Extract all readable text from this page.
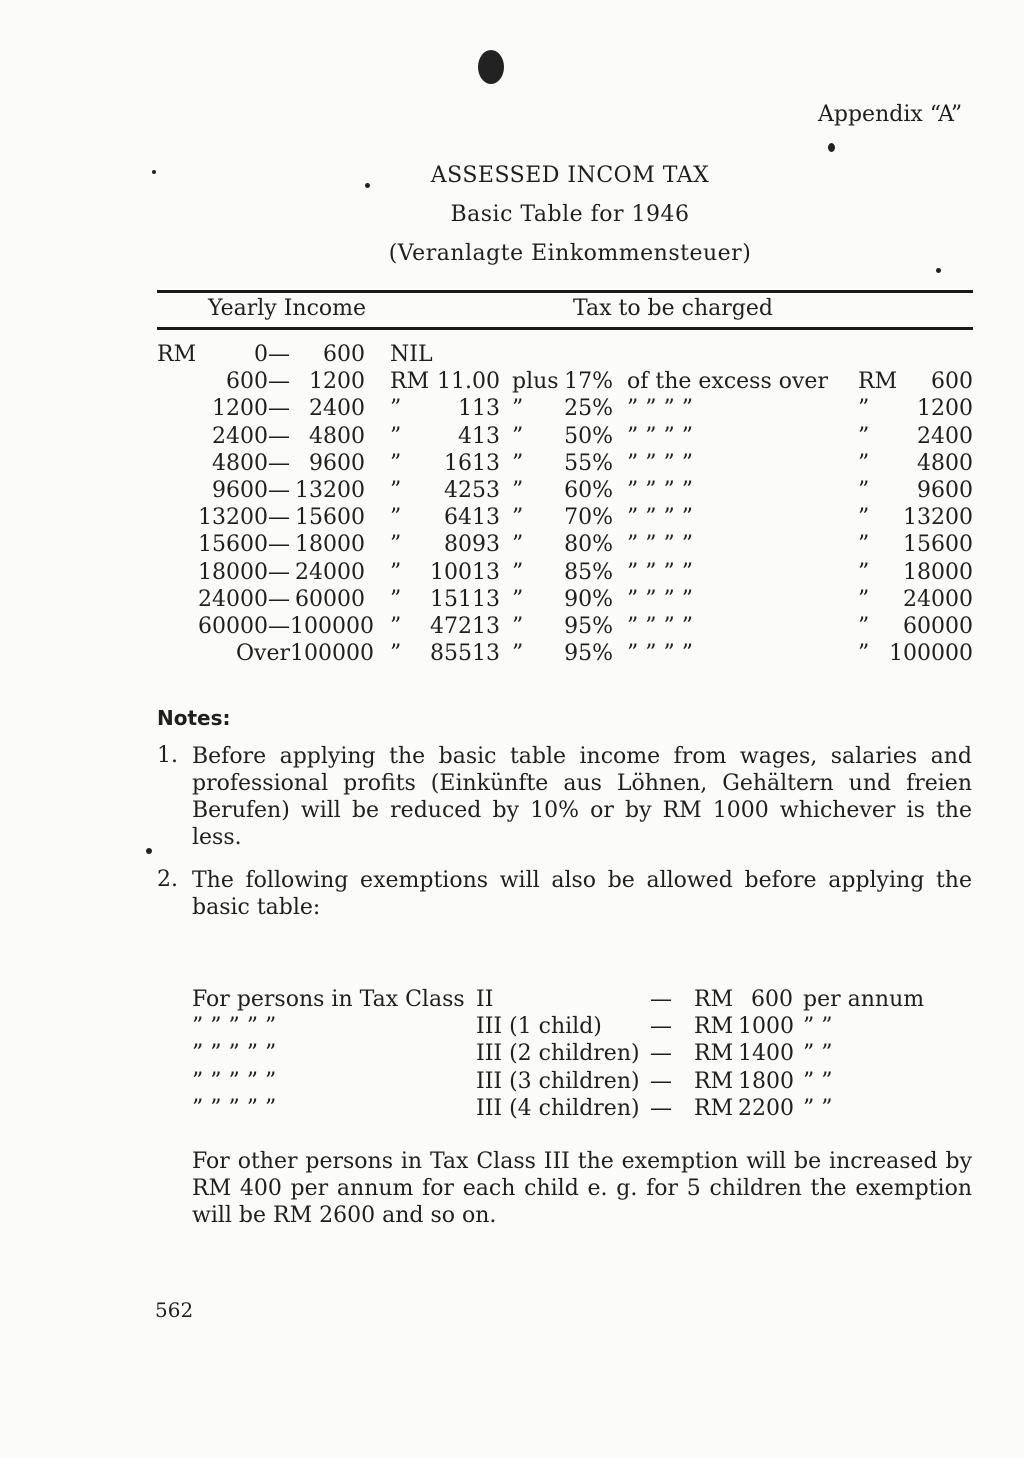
Appendix “A”
ASSESSED INCOM TAX
Basic Table for 1946
(Veranlagte Einkommensteuer)
Yearly Income	Tax to be charged
RM	0—	600 NIL
600— 1200 RM 11.00 plus 17% of the excess over RM	600
1200— 2400 ”	113 ”	25% ” ” ” ”	”	1200
2400— 4800 ”	413 ”	50% ” ” ” ”	”	2400
4800— 9600 ”	1613 ”	55% ” ” ” ”	”	4800
9600— 13200 ”	4253 ”	60% ” ” ” ”	”	9600
13200— 15600 ”	6413 ”	70% ” ” ” ”	”	13200
15600— 18000 ”	8093 ”	80% ” ” ” ”	”	15600
18000— 24000 ”	10013 ”	85% ” ” ” ”	”	18000
24000— 60000 ”	15113 ”	90% ” ” ” ”	”	24000
60000— 100000 ”	47213 ”	95% ” ” ” ”	”	60000
Over 100000 ”	85513 ”	95% ” ” ” ”	” 100000
Notes:
1. Before applying the basic table income from wages, salaries and professional profits (Einkünfte aus Löhnen, Gehältern und freien Berufen) will be reduced by 10% or by RM 1000 whichever is the less.
2. The following exemptions will also be allowed before applying the basic table:
For persons in Tax Class II	—	RM 600 per annum
” ” ” ” ”	III (1 child)	—	RM 1000 ” ”
” ” ” ” ”	III (2 children) —	RM 1400 ” ”
” ” ” ” ”	III (3 children) —	RM 1800 ” ”
” ” ” ” ”	III (4 children) —	RM 2200 ” ”
For other persons in Tax Class III the exemption will be increased by RM 400 per annum for each child e. g. for 5 children the exemption will be RM 2600 and so on.
562
